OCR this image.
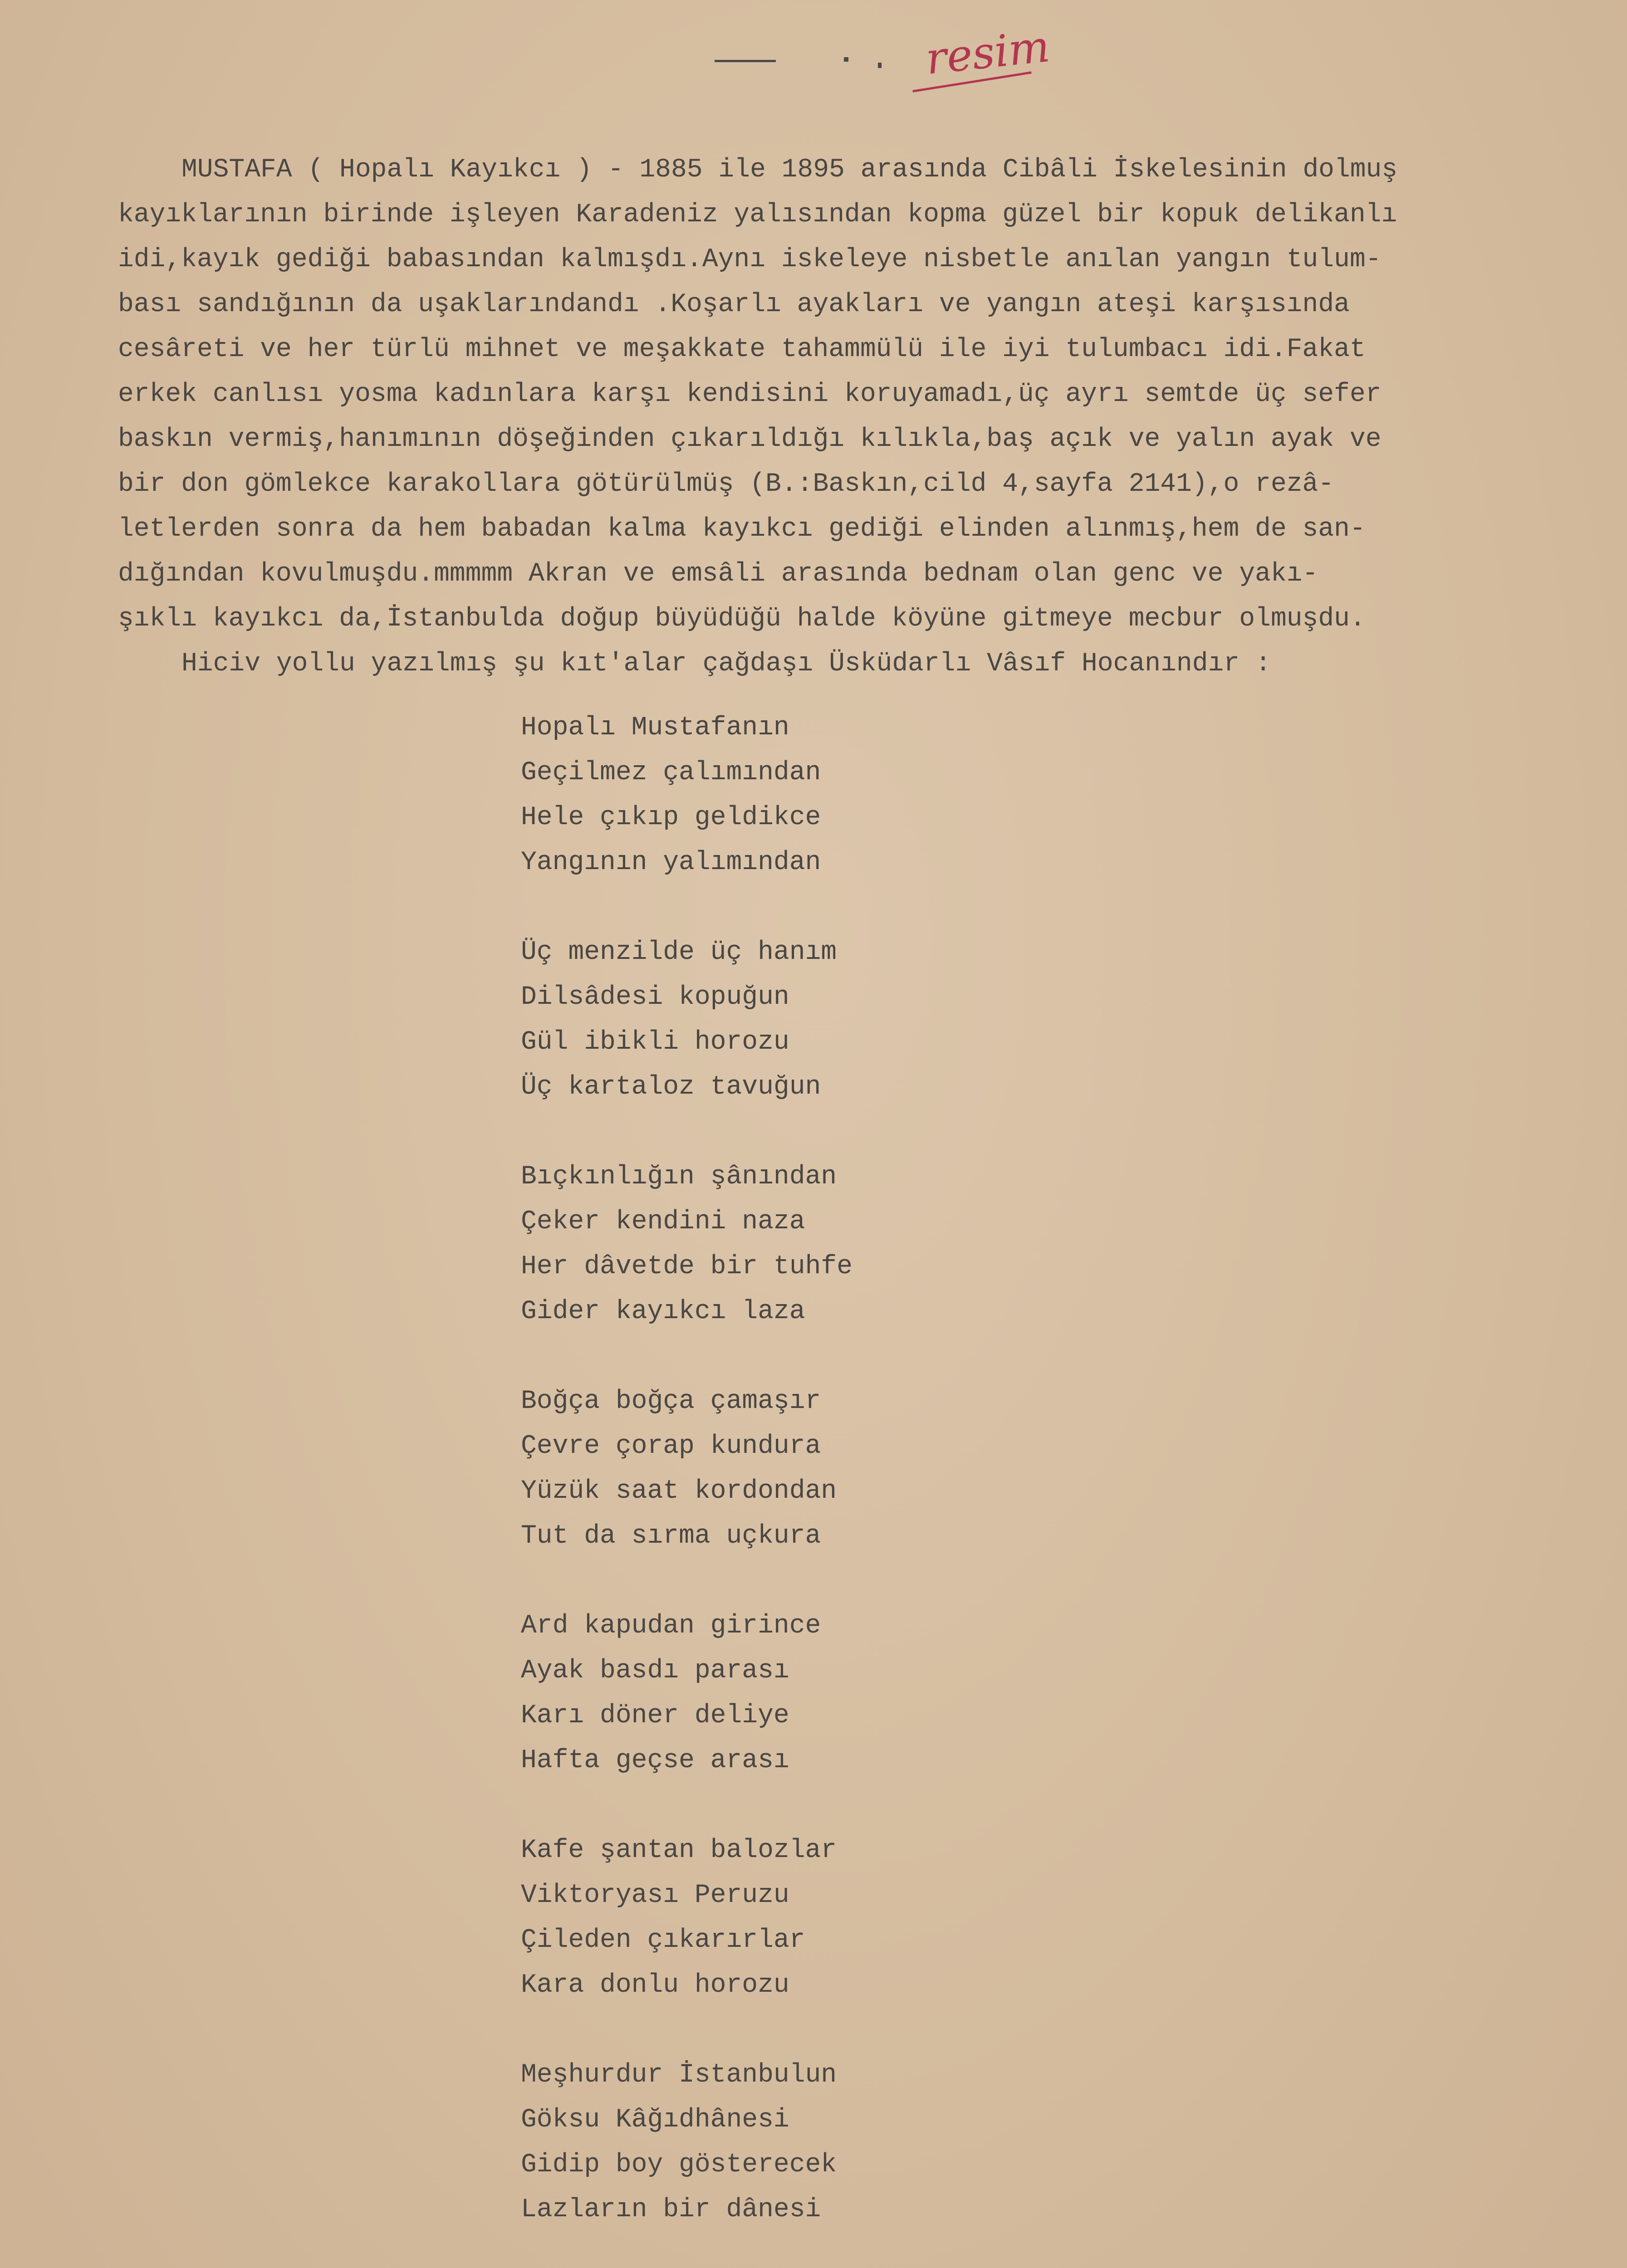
resim
MUSTAFA ( Hopalı Kayıkcı ) - 1885 ile 1895 arasında Cibâli İskelesinin dolmuş
kayıklarının birinde işleyen Karadeniz yalısından kopma güzel bir kopuk delikanlı
idi,kayık gediği babasından kalmışdı.Aynı iskeleye nisbetle anılan yangın tulum-
bası sandığının da uşaklarındandı .Koşarlı ayakları ve yangın ateşi karşısında
cesâreti ve her türlü mihnet ve meşakkate tahammülü ile iyi tulumbacı idi.Fakat
erkek canlısı yosma kadınlara karşı kendisini koruyamadı,üç ayrı semtde üç sefer
baskın vermiş,hanımının döşeğinden çıkarıldığı kılıkla,baş açık ve yalın ayak ve
bir don gömlekce karakollara götürülmüş (B.:Baskın,cild 4,sayfa 2141),o rezâ-
letlerden sonra da hem babadan kalma kayıkcı gediği elinden alınmış,hem de san-
dığından kovulmuşdu.mmmmm Akran ve emsâli arasında bednam olan genc ve yakı-
şıklı kayıkcı da,İstanbulda doğup büyüdüğü halde köyüne gitmeye mecbur olmuşdu.
Hiciv yollu yazılmış şu kıt'alar çağdaşı Üsküdarlı Vâsıf Hocanındır :
Hopalı Mustafanın
Geçilmez çalımından
Hele çıkıp geldikce
Yangının yalımından
Üç menzilde üç hanım
Dilsâdesi kopuğun
Gül ibikli horozu
Üç kartaloz tavuğun
Bıçkınlığın şânından
Çeker kendini naza
Her dâvetde bir tuhfe
Gider kayıkcı laza
Boğça boğça çamaşır
Çevre çorap kundura
Yüzük saat kordondan
Tut da sırma uçkura
Ard kapudan girince
Ayak basdı parası
Karı döner deliye
Hafta geçse arası
Kafe şantan balozlar
Viktoryası Peruzu
Çileden çıkarırlar
Kara donlu horozu
Meşhurdur İstanbulun
Göksu Kâğıdhânesi
Gidip boy gösterecek
Lazların bir dânesi
